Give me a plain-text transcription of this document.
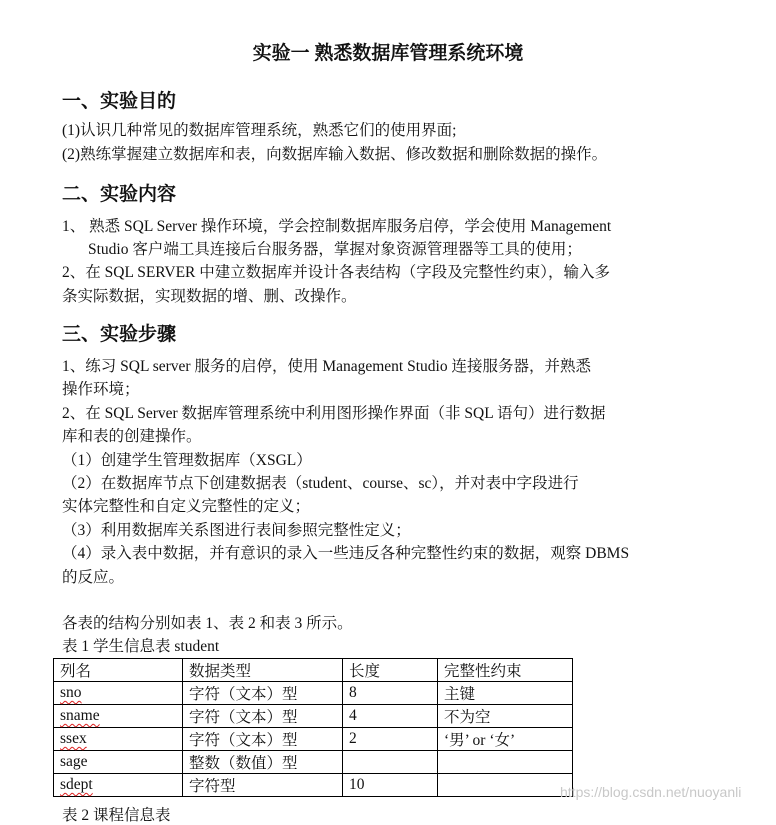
实验一 熟悉数据库管理系统环境
一、实验目的
(1)认识几种常见的数据库管理系统，熟悉它们的使用界面;
(2)熟练掌握建立数据库和表，向数据库输入数据、修改数据和删除数据的操作。
二、实验内容
1、 熟悉 SQL Server 操作环境，学会控制数据库服务启停，学会使用 Management
Studio 客户端工具连接后台服务器，掌握对象资源管理器等工具的使用；
2、在 SQL SERVER 中建立数据库并设计各表结构（字段及完整性约束），输入多
条实际数据，实现数据的增、删、改操作。
三、实验步骤
1、练习 SQL server 服务的启停，使用 Management Studio 连接服务器，并熟悉
操作环境；
2、在 SQL Server 数据库管理系统中利用图形操作界面（非 SQL 语句）进行数据
库和表的创建操作。
（1）创建学生管理数据库（XSGL）
（2）在数据库节点下创建数据表（student、course、sc），并对表中字段进行
实体完整性和自定义完整性的定义；
（3）利用数据库关系图进行表间参照完整性定义；
（4）录入表中数据，并有意识的录入一些违反各种完整性约束的数据，观察 DBMS
的反应。
各表的结构分别如表 1、表 2 和表 3 所示。
表 1 学生信息表 student
列名	数据类型	长度	完整性约束
sno	字符（文本）型	8	主键
sname	字符（文本）型	4	不为空
ssex	字符（文本）型	2	‘男’ or ‘女’
sage	整数（数值）型		
sdept	字符型	10	
表 2 课程信息表
https://blog.csdn.net/nuoyanli
